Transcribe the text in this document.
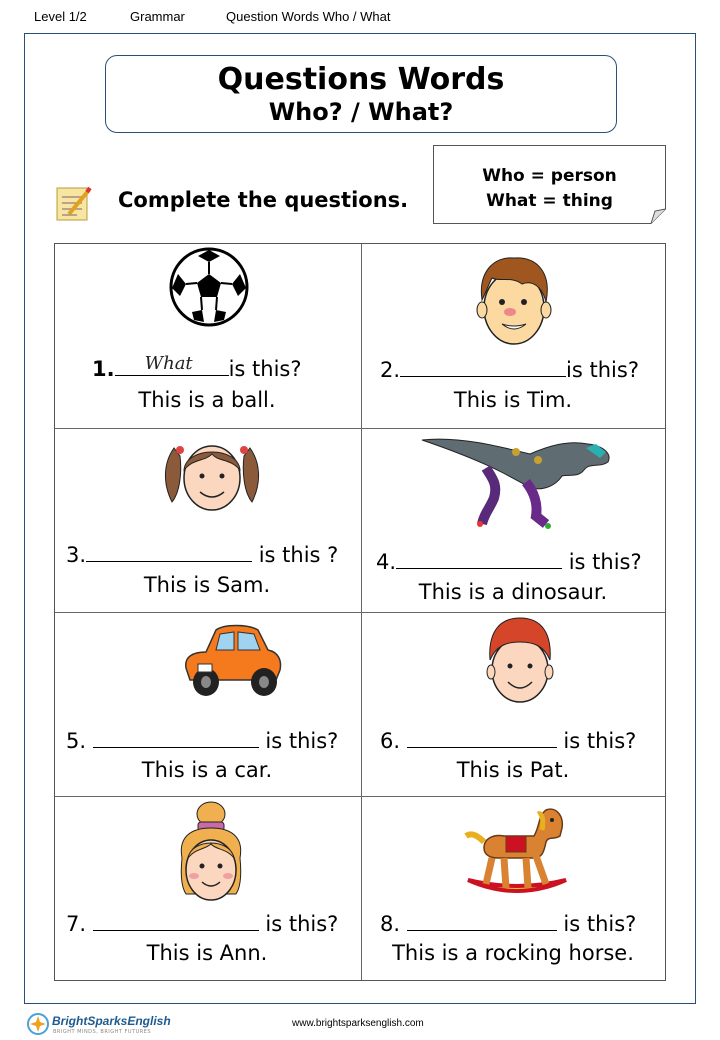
Level 1/2	Grammar	Question Words Who / What
Questions Words
Who? / What?
Complete the questions.
Who = person
What = thing
1. What is this?
This is a ball.
2.	is this?
This is Tim.
3.	is this ?
This is Sam.
4.	is this?
This is a dinosaur.
5.	is this?
This is a car.
6.	is this?
This is Pat.
7.	is this?
This is Ann.
8.	is this?
This is a rocking horse.
BrightSparksEnglish
BRIGHT MINDS, BRIGHT FUTURES
www.brightsparksenglish.com
